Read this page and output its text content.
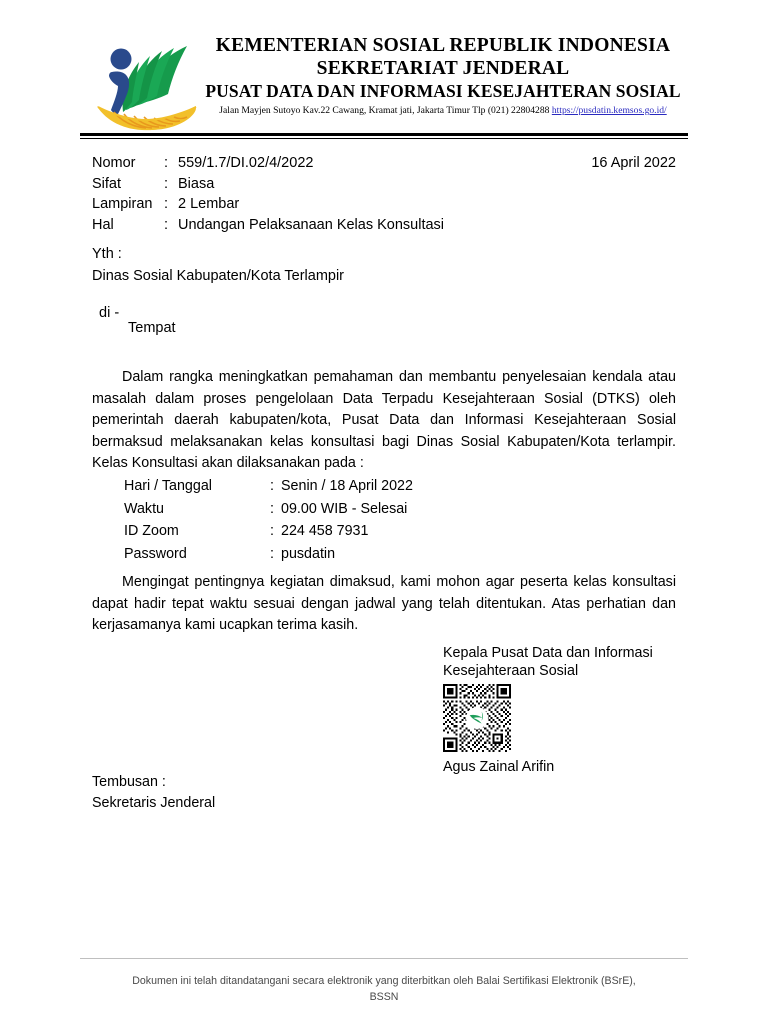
KEMENTERIAN SOSIAL REPUBLIK INDONESIA
SEKRETARIAT JENDERAL
PUSAT DATA DAN INFORMASI KESEJAHTERAN SOSIAL
Jalan Mayjen Sutoyo Kav.22 Cawang, Kramat jati, Jakarta Timur Tlp (021) 22804288 https://pusdatin.kemsos.go.id/
Nomor	: 559/1.7/DI.02/4/2022
Sifat	: Biasa
Lampiran : 2 Lembar
Hal	: Undangan Pelaksanaan Kelas Konsultasi
16 April 2022
Yth :
Dinas Sosial Kabupaten/Kota Terlampir
di -
Tempat
Dalam rangka meningkatkan pemahaman dan membantu penyelesaian kendala atau masalah dalam proses pengelolaan Data Terpadu Kesejahteraan Sosial (DTKS) oleh pemerintah daerah kabupaten/kota, Pusat Data dan Informasi Kesejahteraan Sosial bermaksud melaksanakan kelas konsultasi bagi Dinas Sosial Kabupaten/Kota terlampir. Kelas Konsultasi akan dilaksanakan pada :
Hari / Tanggal	: Senin / 18 April 2022
Waktu	: 09.00 WIB - Selesai
ID Zoom	: 224 458 7931
Password	: pusdatin
Mengingat pentingnya kegiatan dimaksud, kami mohon agar peserta kelas konsultasi dapat hadir tepat waktu sesuai dengan jadwal yang telah ditentukan. Atas perhatian dan kerjasamanya kami ucapkan terima kasih.
Kepala Pusat Data dan Informasi
Kesejahteraan Sosial
Agus Zainal Arifin
Tembusan :
Sekretaris Jenderal
Dokumen ini telah ditandatangani secara elektronik yang diterbitkan oleh Balai Sertifikasi Elektronik (BSrE),
BSSN
